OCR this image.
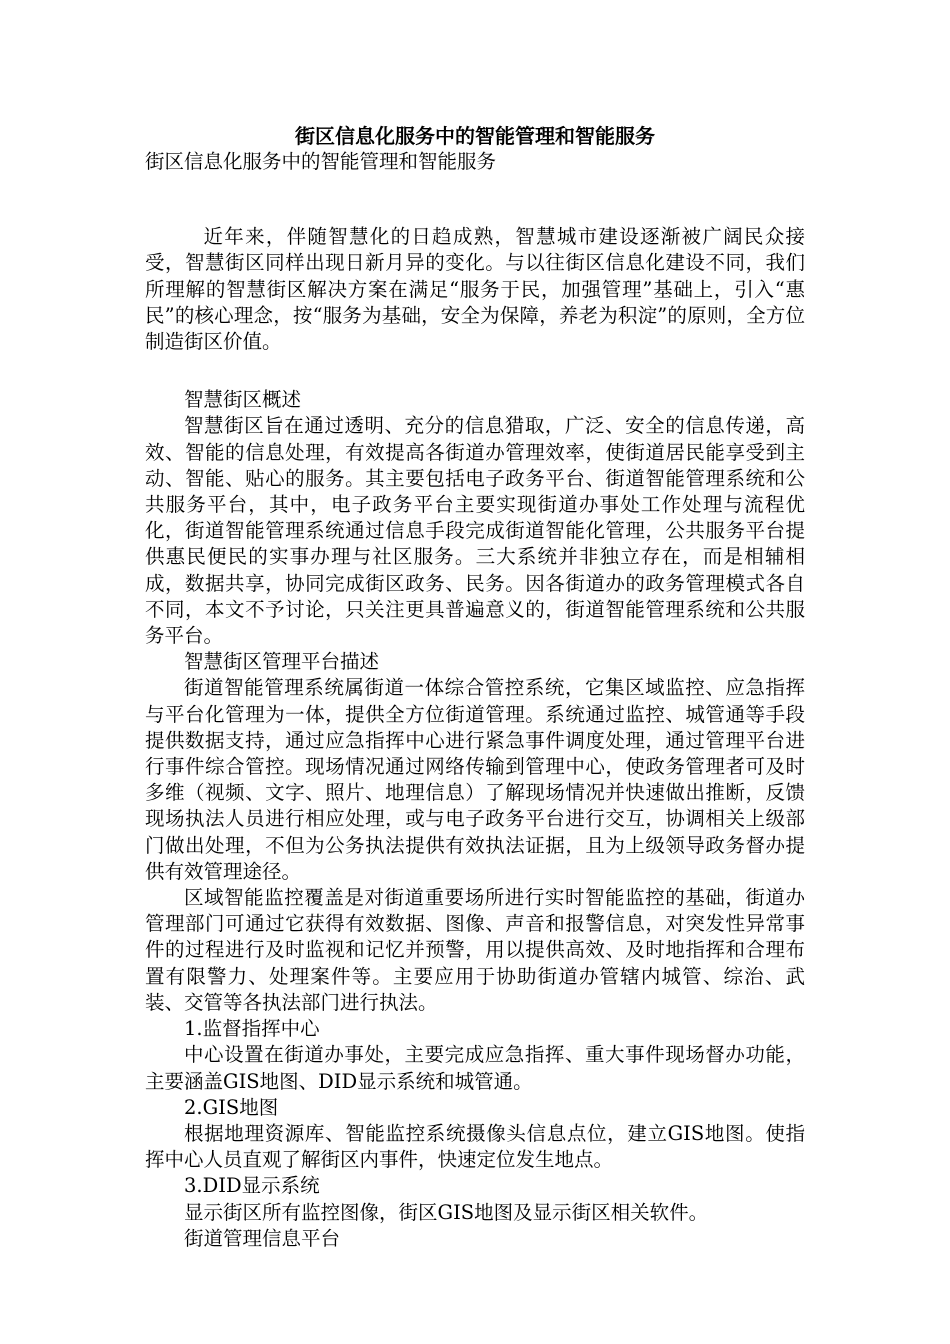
街区信息化服务中的智能管理和智能服务

街区信息化服务中的智能管理和智能服务

近年来，伴随智慧化的日趋成熟，智慧城市建设逐渐被广阔民众接受，智慧街区同样出现日新月异的变化。与以往街区信息化建设不同，我们所理解的智慧街区解决方案在满足“服务于民，加强管理”基础上，引入“惠民”的核心理念，按“服务为基础，安全为保障，养老为积淀”的原则，全方位制造街区价值。

智慧街区概述

智慧街区旨在通过透明、充分的信息猎取，广泛、安全的信息传递，高效、智能的信息处理，有效提高各街道办管理效率，使街道居民能享受到主动、智能、贴心的服务。其主要包括电子政务平台、街道智能管理系统和公共服务平台，其中，电子政务平台主要实现街道办事处工作处理与流程优化，街道智能管理系统通过信息手段完成街道智能化管理，公共服务平台提供惠民便民的实事办理与社区服务。三大系统并非独立存在，而是相辅相成，数据共享，协同完成街区政务、民务。因各街道办的政务管理模式各自不同，本文不予讨论，只关注更具普遍意义的，街道智能管理系统和公共服务平台。

智慧街区管理平台描述

街道智能管理系统属街道一体综合管控系统，它集区域监控、应急指挥与平台化管理为一体，提供全方位街道管理。系统通过监控、城管通等手段提供数据支持，通过应急指挥中心进行紧急事件调度处理，通过管理平台进行事件综合管控。现场情况通过网络传输到管理中心，使政务管理者可及时多维（视频、文字、照片、地理信息）了解现场情况并快速做出推断，反馈现场执法人员进行相应处理，或与电子政务平台进行交互，协调相关上级部门做出处理，不但为公务执法提供有效执法证据，且为上级领导政务督办提供有效管理途径。

区域智能监控覆盖是对街道重要场所进行实时智能监控的基础，街道办管理部门可通过它获得有效数据、图像、声音和报警信息，对突发性异常事件的过程进行及时监视和记忆并预警，用以提供高效、及时地指挥和合理布置有限警力、处理案件等。主要应用于协助街道办管辖内城管、综治、武装、交管等各执法部门进行执法。

1.监督指挥中心

中心设置在街道办事处，主要完成应急指挥、重大事件现场督办功能，主要涵盖GIS地图、DID显示系统和城管通。

2.GIS地图

根据地理资源库、智能监控系统摄像头信息点位，建立GIS地图。使指挥中心人员直观了解街区内事件，快速定位发生地点。

3.DID显示系统

显示街区所有监控图像，街区GIS地图及显示街区相关软件。

街道管理信息平台
